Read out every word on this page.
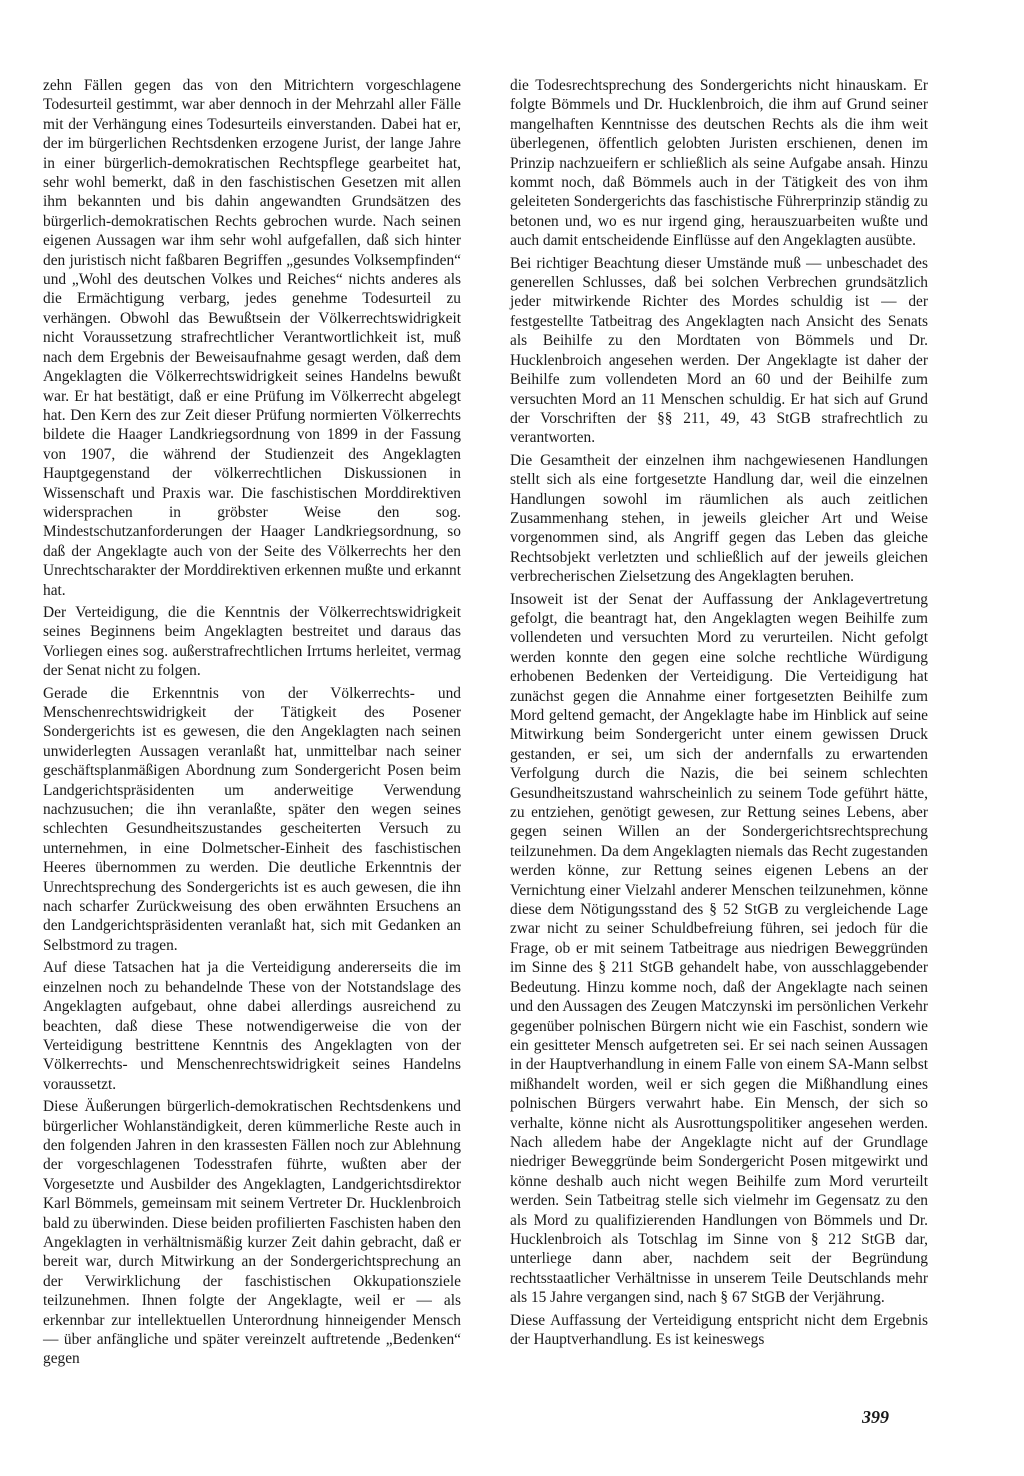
zehn Fällen gegen das von den Mitrichtern vorgeschlagene Todesurteil gestimmt, war aber dennoch in der Mehrzahl aller Fälle mit der Verhängung eines Todesurteils einverstanden. Dabei hat er, der im bürgerlichen Rechtsdenken erzogene Jurist, der lange Jahre in einer bürgerlich-demokratischen Rechtspflege gearbeitet hat, sehr wohl bemerkt, daß in den faschistischen Gesetzen mit allen ihm bekannten und bis dahin angewandten Grundsätzen des bürgerlich-demokratischen Rechts gebrochen wurde. Nach seinen eigenen Aussagen war ihm sehr wohl aufgefallen, daß sich hinter den juristisch nicht faßbaren Begriffen „gesundes Volksempfinden“ und „Wohl des deutschen Volkes und Reiches“ nichts anderes als die Ermächtigung verbarg, jedes genehme Todesurteil zu verhängen. Obwohl das Bewußtsein der Völkerrechtswidrigkeit nicht Voraussetzung strafrechtlicher Verantwortlichkeit ist, muß nach dem Ergebnis der Beweisaufnahme gesagt werden, daß dem Angeklagten die Völkerrechtswidrigkeit seines Handelns bewußt war. Er hat bestätigt, daß er eine Prüfung im Völkerrecht abgelegt hat. Den Kern des zur Zeit dieser Prüfung normierten Völkerrechts bildete die Haager Landkriegsordnung von 1899 in der Fassung von 1907, die während der Studienzeit des Angeklagten Hauptgegenstand der völkerrechtlichen Diskussionen in Wissenschaft und Praxis war. Die faschistischen Morddirektiven widersprachen in gröbster Weise den sog. Mindestschutzanforderungen der Haager Landkriegsordnung, so daß der Angeklagte auch von der Seite des Völkerrechts her den Unrechtscharakter der Morddirektiven erkennen mußte und erkannt hat.

Der Verteidigung, die die Kenntnis der Völkerrechtswidrigkeit seines Beginnens beim Angeklagten bestreitet und daraus das Vorliegen eines sog. außerstrafrechtlichen Irrtums herleitet, vermag der Senat nicht zu folgen.

Gerade die Erkenntnis von der Völkerrechts- und Menschenrechtswidrigkeit der Tätigkeit des Posener Sondergerichts ist es gewesen, die den Angeklagten nach seinen unwiderlegten Aussagen veranlaßt hat, unmittelbar nach seiner geschäftsplanmäßigen Abordnung zum Sondergericht Posen beim Landgerichtspräsidenten um anderweitige Verwendung nachzusuchen; die ihn veranlaßte, später den wegen seines schlechten Gesundheitszustandes gescheiterten Versuch zu unternehmen, in eine Dolmetscher-Einheit des faschistischen Heeres übernommen zu werden. Die deutliche Erkenntnis der Unrechtsprechung des Sondergerichts ist es auch gewesen, die ihn nach scharfer Zurückweisung des oben erwähnten Ersuchens an den Landgerichtspräsidenten veranlaßt hat, sich mit Gedanken an Selbstmord zu tragen.

Auf diese Tatsachen hat ja die Verteidigung andererseits die im einzelnen noch zu behandelnde These von der Notstandslage des Angeklagten aufgebaut, ohne dabei allerdings ausreichend zu beachten, daß diese These notwendigerweise die von der Verteidigung bestrittene Kenntnis des Angeklagten von der Völkerrechts- und Menschenrechtswidrigkeit seines Handelns voraussetzt.

Diese Äußerungen bürgerlich-demokratischen Rechtsdenkens und bürgerlicher Wohlanständigkeit, deren kümmerliche Reste auch in den folgenden Jahren in den krassesten Fällen noch zur Ablehnung der vorgeschlagenen Todesstrafen führte, wußten aber der Vorgesetzte und Ausbilder des Angeklagten, Landgerichtsdirektor Karl Bömmels, gemeinsam mit seinem Vertreter Dr. Hucklenbroich bald zu überwinden. Diese beiden profilierten Faschisten haben den Angeklagten in verhältnismäßig kurzer Zeit dahin gebracht, daß er bereit war, durch Mitwirkung an der Sondergerichtsprechung an der Verwirklichung der faschistischen Okkupationsziele teilzunehmen. Ihnen folgte der Angeklagte, weil er — als erkennbar zur intellektuellen Unterordnung hinneigender Mensch — über anfängliche und später vereinzelt auftretende „Bedenken“ gegen

die Todesrechtsprechung des Sondergerichts nicht hinauskam. Er folgte Bömmels und Dr. Hucklenbroich, die ihm auf Grund seiner mangelhaften Kenntnisse des deutschen Rechts als die ihm weit überlegenen, öffentlich gelobten Juristen erschienen, denen im Prinzip nachzueifern er schließlich als seine Aufgabe ansah. Hinzu kommt noch, daß Bömmels auch in der Tätigkeit des von ihm geleiteten Sondergerichts das faschistische Führerprinzip ständig zu betonen und, wo es nur irgend ging, herauszuarbeiten wußte und auch damit entscheidende Einflüsse auf den Angeklagten ausübte.

Bei richtiger Beachtung dieser Umstände muß — unbeschadet des generellen Schlusses, daß bei solchen Verbrechen grundsätzlich jeder mitwirkende Richter des Mordes schuldig ist — der festgestellte Tatbeitrag des Angeklagten nach Ansicht des Senats als Beihilfe zu den Mordtaten von Bömmels und Dr. Hucklenbroich angesehen werden. Der Angeklagte ist daher der Beihilfe zum vollendeten Mord an 60 und der Beihilfe zum versuchten Mord an 11 Menschen schuldig. Er hat sich auf Grund der Vorschriften der §§ 211, 49, 43 StGB strafrechtlich zu verantworten.

Die Gesamtheit der einzelnen ihm nachgewiesenen Handlungen stellt sich als eine fortgesetzte Handlung dar, weil die einzelnen Handlungen sowohl im räumlichen als auch zeitlichen Zusammenhang stehen, in jeweils gleicher Art und Weise vorgenommen sind, als Angriff gegen das Leben das gleiche Rechtsobjekt verletzten und schließlich auf der jeweils gleichen verbrecherischen Zielsetzung des Angeklagten beruhen.

Insoweit ist der Senat der Auffassung der Anklagevertretung gefolgt, die beantragt hat, den Angeklagten wegen Beihilfe zum vollendeten und versuchten Mord zu verurteilen. Nicht gefolgt werden konnte den gegen eine solche rechtliche Würdigung erhobenen Bedenken der Verteidigung. Die Verteidigung hat zunächst gegen die Annahme einer fortgesetzten Beihilfe zum Mord geltend gemacht, der Angeklagte habe im Hinblick auf seine Mitwirkung beim Sondergericht unter einem gewissen Druck gestanden, er sei, um sich der andernfalls zu erwartenden Verfolgung durch die Nazis, die bei seinem schlechten Gesundheitszustand wahrscheinlich zu seinem Tode geführt hätte, zu entziehen, genötigt gewesen, zur Rettung seines Lebens, aber gegen seinen Willen an der Sondergerichtsrechtsprechung teilzunehmen. Da dem Angeklagten niemals das Recht zugestanden werden könne, zur Rettung seines eigenen Lebens an der Vernichtung einer Vielzahl anderer Menschen teilzunehmen, könne diese dem Nötigungsstand des § 52 StGB zu vergleichende Lage zwar nicht zu seiner Schuldbefreiung führen, sei jedoch für die Frage, ob er mit seinem Tatbeitrage aus niedrigen Beweggründen im Sinne des § 211 StGB gehandelt habe, von ausschlaggebender Bedeutung. Hinzu komme noch, daß der Angeklagte nach seinen und den Aussagen des Zeugen Matczynski im persönlichen Verkehr gegenüber polnischen Bürgern nicht wie ein Faschist, sondern wie ein gesitteter Mensch aufgetreten sei. Er sei nach seinen Aussagen in der Hauptverhandlung in einem Falle von einem SA-Mann selbst mißhandelt worden, weil er sich gegen die Mißhandlung eines polnischen Bürgers verwahrt habe. Ein Mensch, der sich so verhalte, könne nicht als Ausrottungspolitiker angesehen werden. Nach alledem habe der Angeklagte nicht auf der Grundlage niedriger Beweggründe beim Sondergericht Posen mitgewirkt und könne deshalb auch nicht wegen Beihilfe zum Mord verurteilt werden. Sein Tatbeitrag stelle sich vielmehr im Gegensatz zu den als Mord zu qualifizierenden Handlungen von Bömmels und Dr. Hucklenbroich als Totschlag im Sinne von § 212 StGB dar, unterliege dann aber, nachdem seit der Begründung rechtsstaatlicher Verhältnisse in unserem Teile Deutschlands mehr als 15 Jahre vergangen sind, nach § 67 StGB der Verjährung.

Diese Auffassung der Verteidigung entspricht nicht dem Ergebnis der Hauptverhandlung. Es ist keineswegs

399
